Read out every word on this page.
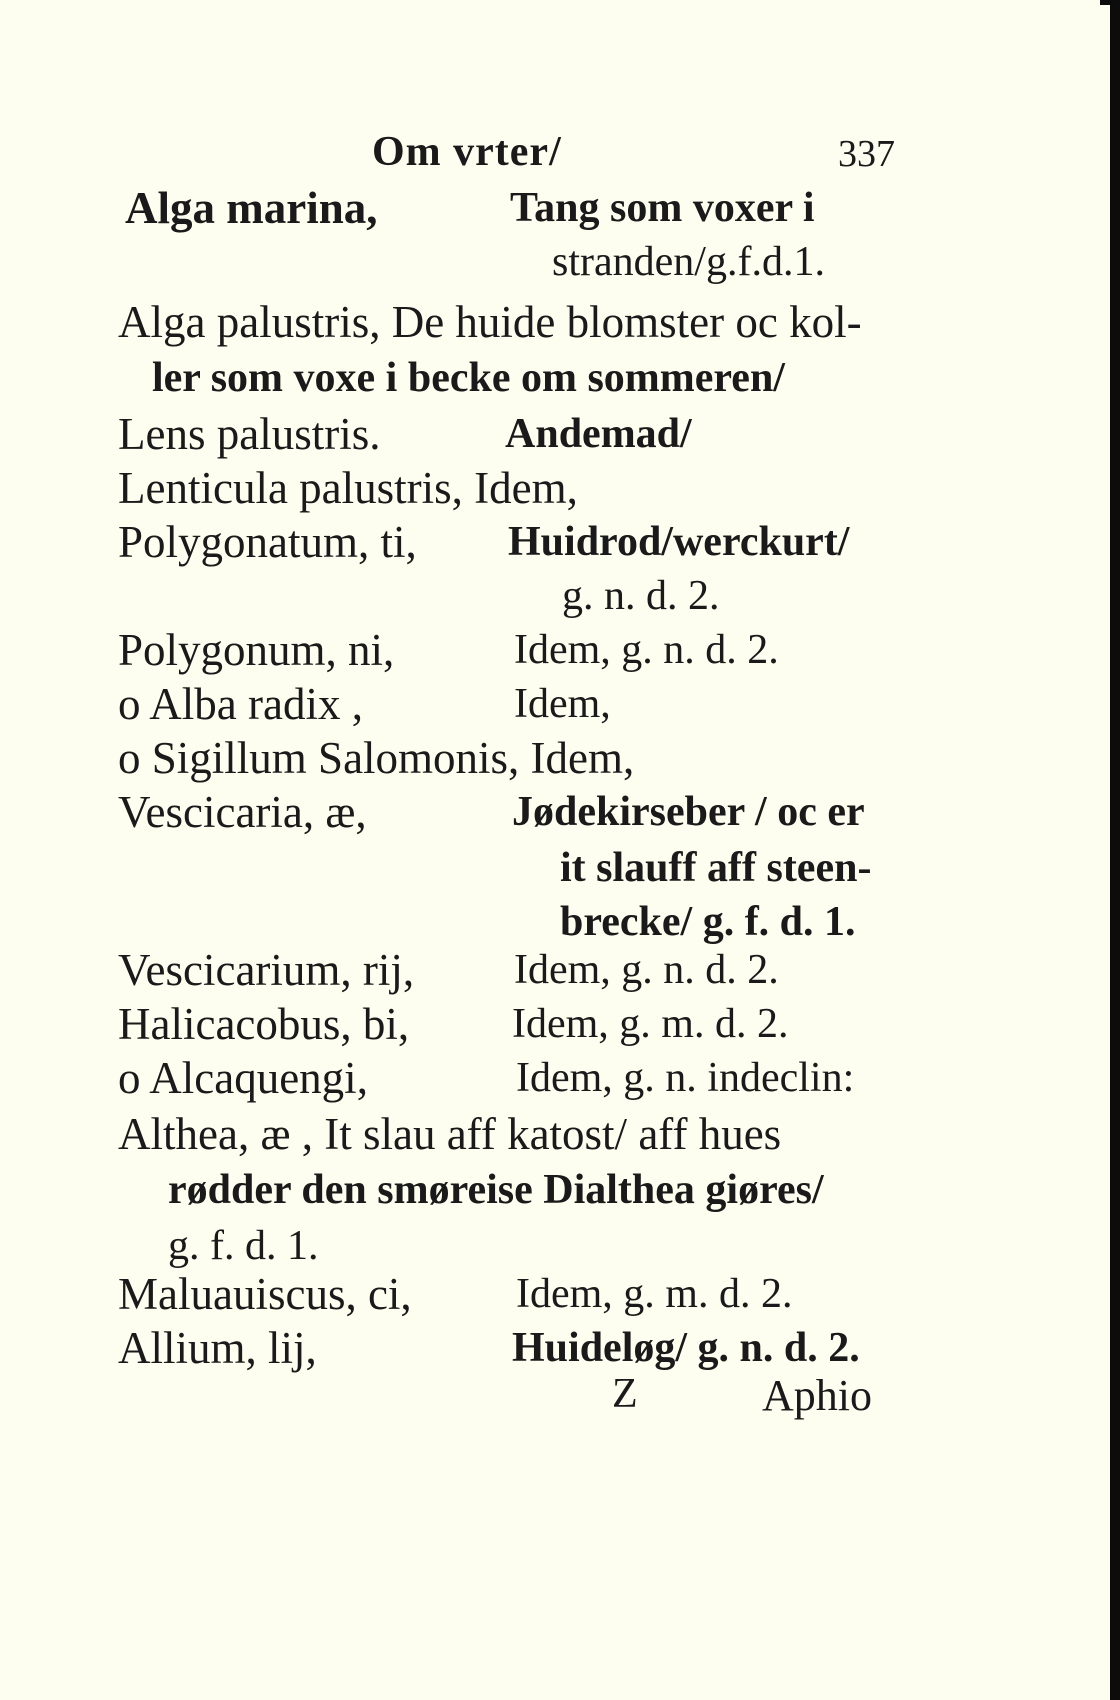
Om vrter/	337
Alga marina,	Tang som voxer i
stranden/g.f.d.1.
Alga palustris, De huide blomster oc kol-
ler som voxe i becke om sommeren/
Lens palustris.	Andemad/
Lenticula palustris, Idem,
Polygonatum, ti, Huidrod/werckurt/
g. n. d. 2.
Polygonum, ni,	Idem, g. n. d. 2.
o Alba radix ,	Idem,
o Sigillum Salomonis, Idem,
Vescicaria, æ,	Jødekirseber / oc er
it slauff aff steen-
brecke/ g. f. d. 1.
Vescicarium, rij, Idem, g. n. d. 2.
Halicacobus, bi, Idem, g. m. d. 2.
o Alcaquengi,	Idem, g. n. indeclin:
Althea, æ , It slau aff katost/ aff hues
rødder den smøreise Dialthea giøres/
g. f. d. 1.
Maluauiscus, ci, Idem, g. m. d. 2.
Allium, lij,	Huideløg/ g. n. d. 2.
Z	Aphio
